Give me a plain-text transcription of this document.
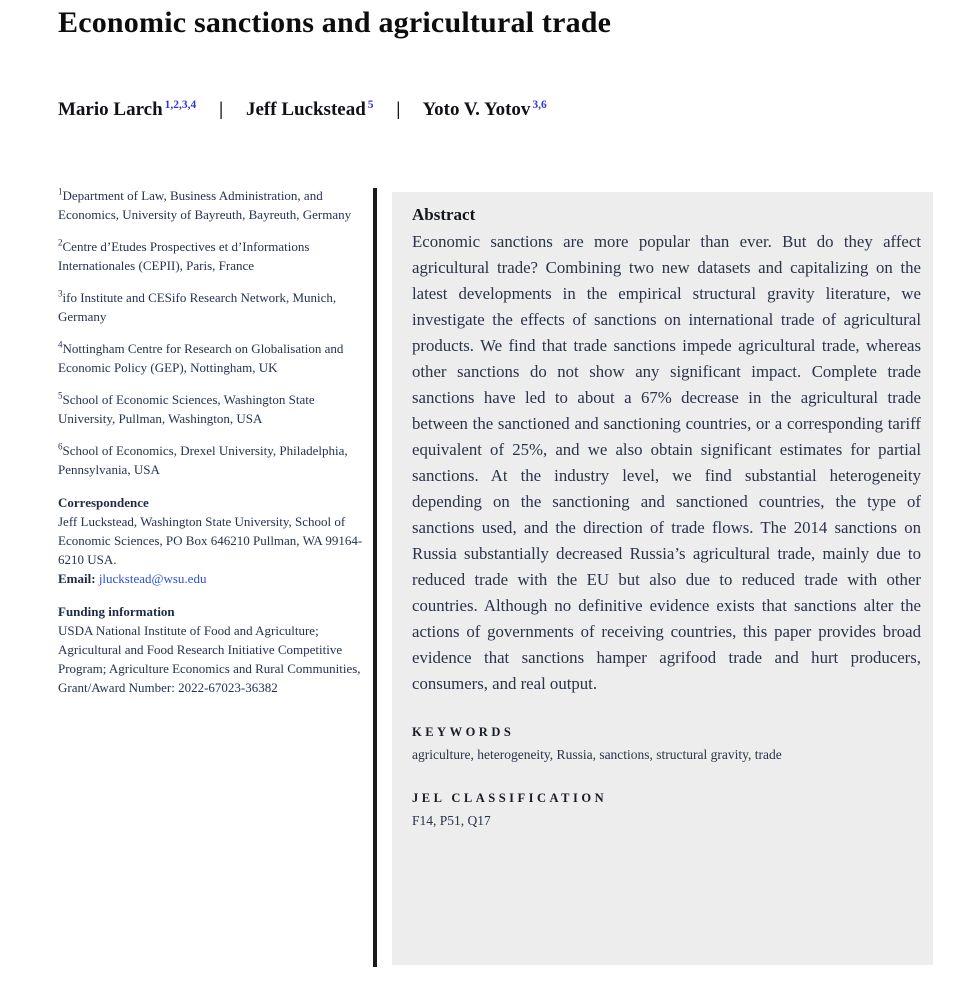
Economic sanctions and agricultural trade
Mario Larch $^{1,2,3,4}$ | Jeff Luckstead $^5$ | Yoto V. Yotov $^{3,6}$

$^1$Department of Law, Business Administration, and Economics, University of Bayreuth, Bayreuth, Germany

$^2$Centre d’Etudes Prospectives et d’Informations Internationales (CEPII), Paris, France

$^3$ifo Institute and CESifo Research Network, Munich, Germany

$^4$Nottingham Centre for Research on Globalisation and Economic Policy (GEP), Nottingham, UK

$^5$School of Economic Sciences, Washington State University, Pullman, Washington, USA

$^6$School of Economics, Drexel University, Philadelphia, Pennsylvania, USA

Correspondence

Jeff Luckstead, Washington State University, School of Economic Sciences, PO Box 646210 Pullman, WA 99164-6210 USA.
Email: jluckstead@wsu.edu

Funding information

USDA National Institute of Food and Agriculture; Agricultural and Food Research Initiative Competitive Program; Agriculture Economics and Rural Communities, Grant/Award Number: 2022-67023-36382

Abstract

Economic sanctions are more popular than ever. But do they affect agricultural trade? Combining two new datasets and capitalizing on the latest developments in the empirical structural gravity literature, we investigate the effects of sanctions on international trade of agricultural products. We find that trade sanctions impede agricultural trade, whereas other sanctions do not show any significant impact. Complete trade sanctions have led to about a 67% decrease in the agricultural trade between the sanctioned and sanctioning countries, or a corresponding tariff equivalent of 25%, and we also obtain significant estimates for partial sanctions. At the industry level, we find substantial heterogeneity depending on the sanctioning and sanctioned countries, the type of sanctions used, and the direction of trade flows. The 2014 sanctions on Russia substantially decreased Russia’s agricultural trade, mainly due to reduced trade with the EU but also due to reduced trade with other countries. Although no definitive evidence exists that sanctions alter the actions of governments of receiving countries, this paper provides broad evidence that sanctions hamper agrifood trade and hurt producers, consumers, and real output.

KEYWORDS

agriculture, heterogeneity, Russia, sanctions, structural gravity, trade

JEL CLASSIFICATION

F14, P51, Q17
